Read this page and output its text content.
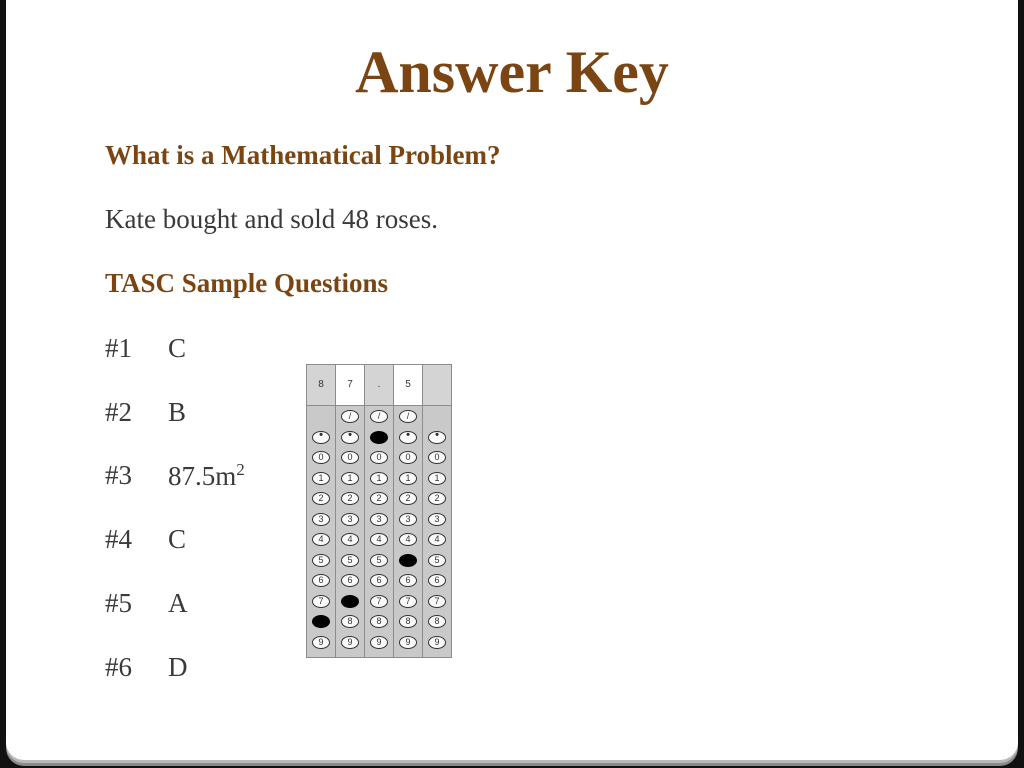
Answer Key
What is a Mathematical Problem?
Kate bought and sold 48 roses.
TASC Sample Questions
#1 C
#2 B
#3 $87.5m^2$
#4 C
#5 A
#6 D
8
•
0
1
2
3
4
5
6
7
8
9
7
/
•
0
1
2
3
4
5
6
7
8
9
.
/
•
0
1
2
3
4
5
6
7
8
9
5
/
•
0
1
2
3
4
5
6
7
8
9
•
0
1
2
3
4
5
6
7
8
9
